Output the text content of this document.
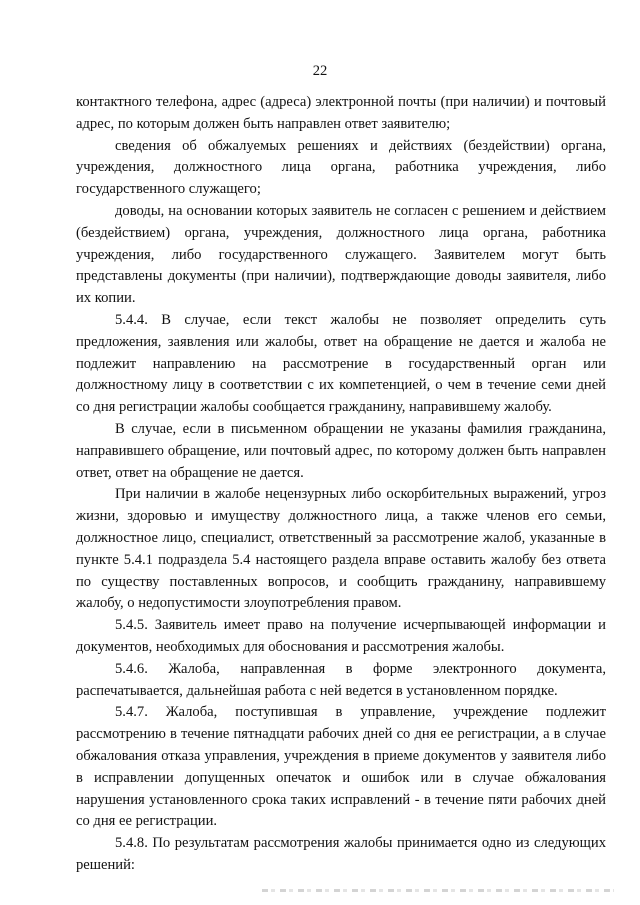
22

контактного телефона, адрес (адреса) электронной почты (при наличии) и почтовый адрес, по которым должен быть направлен ответ заявителю;

сведения об обжалуемых решениях и действиях (бездействии) органа, учреждения, должностного лица органа, работника учреждения, либо государственного служащего;

доводы, на основании которых заявитель не согласен с решением и действием (бездействием) органа, учреждения, должностного лица органа, работника учреждения, либо государственного служащего. Заявителем могут быть представлены документы (при наличии), подтверждающие доводы заявителя, либо их копии.

5.4.4. В случае, если текст жалобы не позволяет определить суть предложения, заявления или жалобы, ответ на обращение не дается и жалоба не подлежит направлению на рассмотрение в государственный орган или должностному лицу в соответствии с их компетенцией, о чем в течение семи дней со дня регистрации жалобы сообщается гражданину, направившему жалобу.

В случае, если в письменном обращении не указаны фамилия гражданина, направившего обращение, или почтовый адрес, по которому должен быть направлен ответ, ответ на обращение не дается.

При наличии в жалобе нецензурных либо оскорбительных выражений, угроз жизни, здоровью и имуществу должностного лица, а также членов его семьи, должностное лицо, специалист, ответственный за рассмотрение жалоб, указанные в пункте 5.4.1 подраздела 5.4 настоящего раздела вправе оставить жалобу без ответа по существу поставленных вопросов, и сообщить гражданину, направившему жалобу, о недопустимости злоупотребления правом.

5.4.5. Заявитель имеет право на получение исчерпывающей информации и документов, необходимых для обоснования и рассмотрения жалобы.

5.4.6. Жалоба, направленная в форме электронного документа, распечатывается, дальнейшая работа с ней ведется в установленном порядке.

5.4.7. Жалоба, поступившая в управление, учреждение подлежит рассмотрению в течение пятнадцати рабочих дней со дня ее регистрации, а в случае обжалования отказа управления, учреждения в приеме документов у заявителя либо в исправлении допущенных опечаток и ошибок или в случае обжалования нарушения установленного срока таких исправлений - в течение пяти рабочих дней со дня ее регистрации.

5.4.8. По результатам рассмотрения жалобы принимается одно из следующих решений:
